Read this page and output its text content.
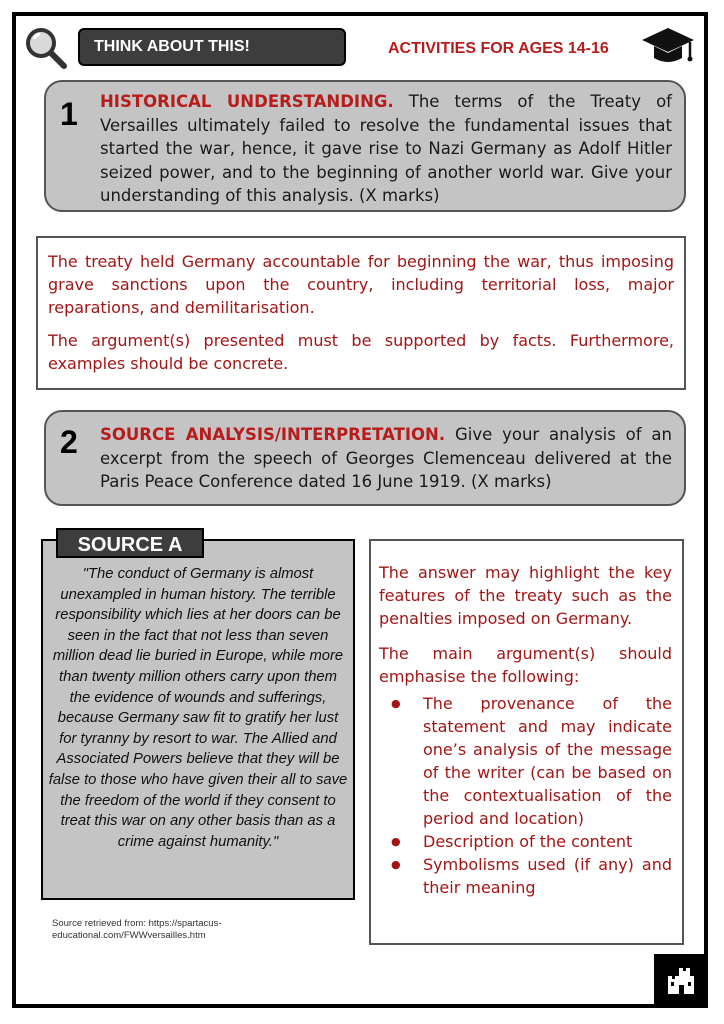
THINK ABOUT THIS!	ACTIVITIES FOR AGES 14-16
1 HISTORICAL UNDERSTANDING. The terms of the Treaty of Versailles ultimately failed to resolve the fundamental issues that started the war, hence, it gave rise to Nazi Germany as Adolf Hitler seized power, and to the beginning of another world war. Give your understanding of this analysis. (X marks)

The treaty held Germany accountable for beginning the war, thus imposing grave sanctions upon the country, including territorial loss, major reparations, and demilitarisation.

The argument(s) presented must be supported by facts. Furthermore, examples should be concrete.

2 SOURCE ANALYSIS/INTERPRETATION. Give your analysis of an excerpt from the speech of Georges Clemenceau delivered at the Paris Peace Conference dated 16 June 1919. (X marks)
SOURCE A
"The conduct of Germany is almost unexampled in human history. The terrible responsibility which lies at her doors can be seen in the fact that not less than seven million dead lie buried in Europe, while more than twenty million others carry upon them the evidence of wounds and sufferings, because Germany saw fit to gratify her lust for tyranny by resort to war. The Allied and Associated Powers believe that they will be false to those who have given their all to save the freedom of the world if they consent to treat this war on any other basis than as a crime against humanity."
Source retrieved from: https://spartacus-educational.com/FWWversailles.htm

The answer may highlight the key features of the treaty such as the penalties imposed on Germany.

The main argument(s) should emphasise the following:

● The provenance of the statement and may indicate one’s analysis of the message of the writer (can be based on the contextualisation of the period and location)
● Description of the content
● Symbolisms used (if any) and their meaning
